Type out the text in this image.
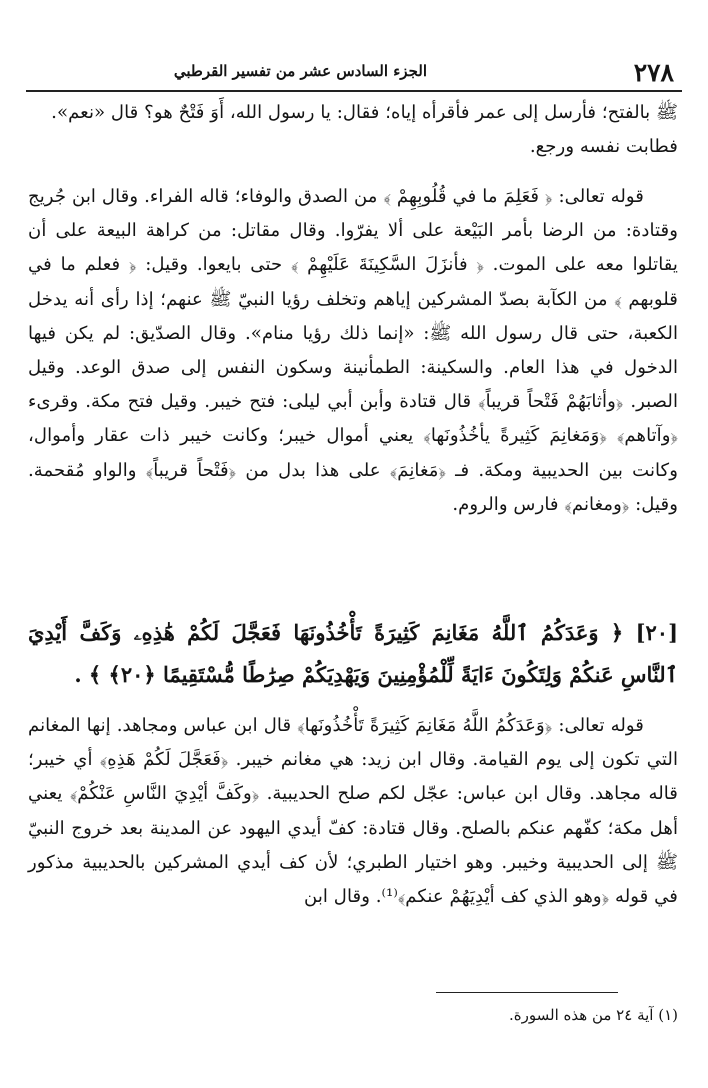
٢٧٨
الجزء السادس عشر من تفسير القرطبي

ﷺ بالفتح؛ فأرسل إلى عمر فأقرأه إياه؛ فقال: يا رسول الله، أَوَ فَتْحٌ هو؟ قال «نعم».

فطابت نفسه ورجع.

قوله تعالى: ﴿ فَعَلِمَ ما في قُلُوبِهِمْ ﴾ من الصدق والوفاء؛ قاله الفراء. وقال ابن جُريج وقتادة: من الرضا بأمر البَيْعة على ألا يفرّوا. وقال مقاتل: من كراهة البيعة على أن يقاتلوا معه على الموت. ﴿ فأنزَلَ السَّكِينَةَ عَلَيْهِمْ ﴾ حتى بايعوا. وقيل: ﴿ فعلم ما في قلوبهم ﴾ من الكآبة بصدّ المشركين إياهم وتخلف رؤيا النبيّ ﷺ عنهم؛ إذا رأى أنه يدخل الكعبة، حتى قال رسول الله ﷺ: «إنما ذلك رؤيا منام». وقال الصدّيق: لم يكن فيها الدخول في هذا العام. والسكينة: الطمأنينة وسكون النفس إلى صدق الوعد. وقيل الصبر. ﴿وأثابَهُمْ فَتْحاً قريباً﴾ قال قتادة وأبن أبي ليلى: فتح خيبر. وقيل فتح مكة. وقرىء ﴿وآتاهم﴾ ﴿وَمَغانِمَ كَثِيرةً يأخُذُونَها﴾ يعني أموال خيبر؛ وكانت خيبر ذات عقار وأموال، وكانت بين الحديبية ومكة. فـ ﴿مَغانِمَ﴾ على هذا بدل من ﴿فَتْحاً قريباً﴾ والواو مُقحمة. وقيل: ﴿ومغانم﴾ فارس والروم.

[٢٠] ﴿ وَعَدَكُمُ ٱللَّهُ مَغَانِمَ كَثِيرَةً تَأْخُذُونَهَا فَعَجَّلَ لَكُمْ هَٰذِهِۦ وَكَفَّ أَيْدِيَ ٱلنَّاسِ عَنكُمْ وَلِتَكُونَ ءَايَةً لِّلْمُؤْمِنِينَ وَيَهْدِيَكُمْ صِرَٰطًا مُّسْتَقِيمًا ﴿٢٠﴾ ﴾ .

قوله تعالى: ﴿وَعَدَكُمُ اللَّهُ مَغَانِمَ كَثِيرَةً تَأْخُذُونَها﴾ قال ابن عباس ومجاهد. إنها المغانم التي تكون إلى يوم القيامة. وقال ابن زيد: هي مغانم خيبر. ﴿فَعَجَّلَ لَكُمْ هَذِهِ﴾ أي خيبر؛ قاله مجاهد. وقال ابن عباس: عجّل لكم صلح الحديبية. ﴿وكَفَّ أيْدِيَ النَّاسِ عَنْكُمْ﴾ يعني أهل مكة؛ كفّهم عنكم بالصلح. وقال قتادة: كفّ أيدي اليهود عن المدينة بعد خروج النبيّ ﷺ إلى الحديبية وخيبر. وهو اختيار الطبري؛ لأن كف أيدي المشركين بالحديبية مذكور في قوله ﴿وهو الذي كف أيْدِيَهُمْ عنكم﴾⁽¹⁾. وقال ابن

(١) آية ٢٤ من هذه السورة.
